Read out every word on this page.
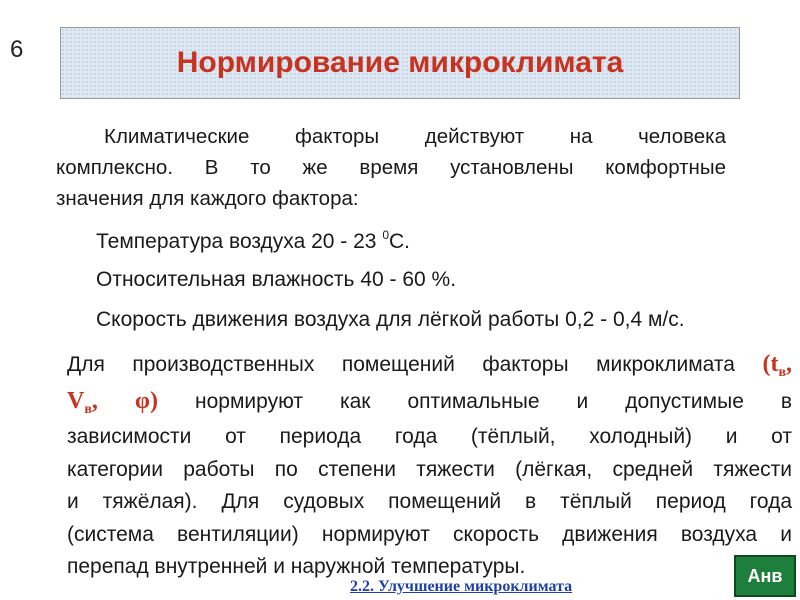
6	Нормирование микроклимата
Климатические факторы действуют на человека
комплексно. В то же время установлены комфортные
значения для каждого фактора:
Температура воздуха 20 - 23 $^0$С.
Относительная влажность 40 - 60 %.
Скорость движения воздуха для лёгкой работы 0,2 - 0,4 м/с.
Для производственных помещений факторы микроклимата ($t_в$,
$V_в$, φ) нормируют как оптимальные и допустимые в
зависимости от периода года (тёплый, холодный) и от
категории работы по степени тяжести (лёгкая, средней тяжести
и тяжёлая). Для судовых помещений в тёплый период года
(система вентиляции) нормируют скорость движения воздуха и
перепад внутренней и наружной температуры.
2.2. Улучшение микроклимата
Анв
